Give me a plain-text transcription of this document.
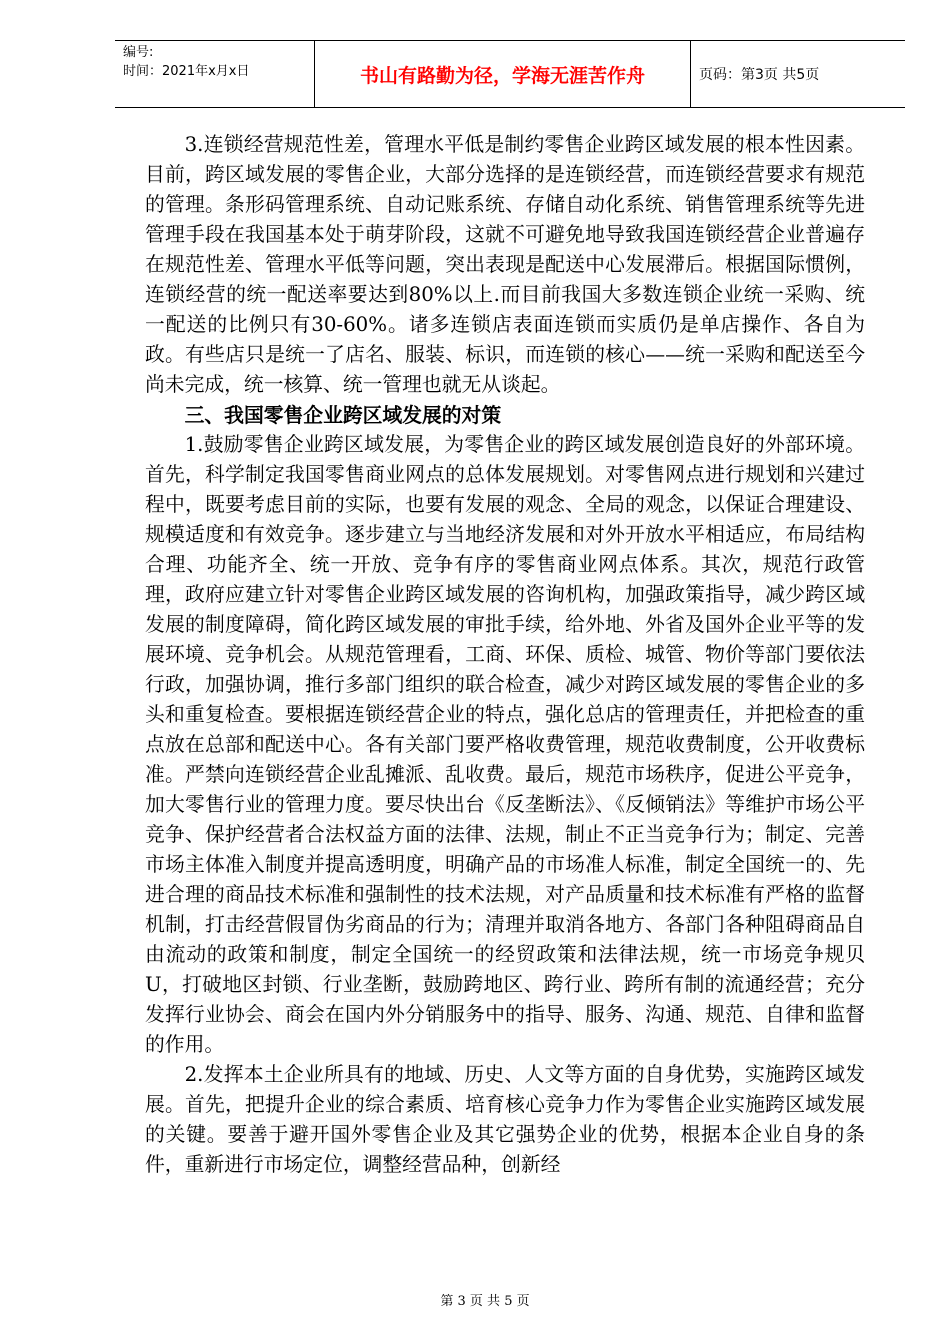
编号:
时间：2021年x月x日	书山有路勤为径，学海无涯苦作舟	页码：第3页 共5页

3.连锁经营规范性差，管理水平低是制约零售企业跨区域发展的根本性因素。目前，跨区域发展的零售企业，大部分选择的是连锁经营，而连锁经营要求有规范的管理。条形码管理系统、自动记账系统、存储自动化系统、销售管理系统等先进管理手段在我国基本处于萌芽阶段，这就不可避免地导致我国连锁经营企业普遍存在规范性差、管理水平低等问题，突出表现是配送中心发展滞后。根据国际惯例，连锁经营的统一配送率要达到80%以上.而目前我国大多数连锁企业统一采购、统一配送的比例只有30-60%。诸多连锁店表面连锁而实质仍是单店操作、各自为政。有些店只是统一了店名、服装、标识，而连锁的核心——统一采购和配送至今尚未完成，统一核算、统一管理也就无从谈起。

三、我国零售企业跨区域发展的对策

1.鼓励零售企业跨区域发展，为零售企业的跨区域发展创造良好的外部环境。首先，科学制定我国零售商业网点的总体发展规划。对零售网点进行规划和兴建过程中，既要考虑目前的实际，也要有发展的观念、全局的观念，以保证合理建设、规模适度和有效竞争。逐步建立与当地经济发展和对外开放水平相适应，布局结构合理、功能齐全、统一开放、竞争有序的零售商业网点体系。其次，规范行政管理，政府应建立针对零售企业跨区域发展的咨询机构，加强政策指导，减少跨区域发展的制度障碍，简化跨区域发展的审批手续，给外地、外省及国外企业平等的发展环境、竞争机会。从规范管理看，工商、环保、质检、城管、物价等部门要依法行政，加强协调，推行多部门组织的联合检查，减少对跨区域发展的零售企业的多头和重复检查。要根据连锁经营企业的特点，强化总店的管理责任，并把检查的重点放在总部和配送中心。各有关部门要严格收费管理，规范收费制度，公开收费标准。严禁向连锁经营企业乱摊派、乱收费。最后，规范市场秩序，促进公平竞争，加大零售行业的管理力度。要尽快出台《反垄断法》、《反倾销法》等维护市场公平竞争、保护经营者合法权益方面的法律、法规，制止不正当竞争行为；制定、完善市场主体准入制度并提高透明度，明确产品的市场准人标准，制定全国统一的、先进合理的商品技术标准和强制性的技术法规，对产品质量和技术标准有严格的监督机制，打击经营假冒伪劣商品的行为；清理并取消各地方、各部门各种阻碍商品自由流动的政策和制度，制定全国统一的经贸政策和法律法规，统一市场竞争规贝U，打破地区封锁、行业垄断，鼓励跨地区、跨行业、跨所有制的流通经营；充分发挥行业协会、商会在国内外分销服务中的指导、服务、沟通、规范、自律和监督的作用。

2.发挥本土企业所具有的地域、历史、人文等方面的自身优势，实施跨区域发展。首先，把提升企业的综合素质、培育核心竞争力作为零售企业实施跨区域发展的关键。要善于避开国外零售企业及其它强势企业的优势，根据本企业自身的条件，重新进行市场定位，调整经营品种，创新经

第 3 页 共 5 页
